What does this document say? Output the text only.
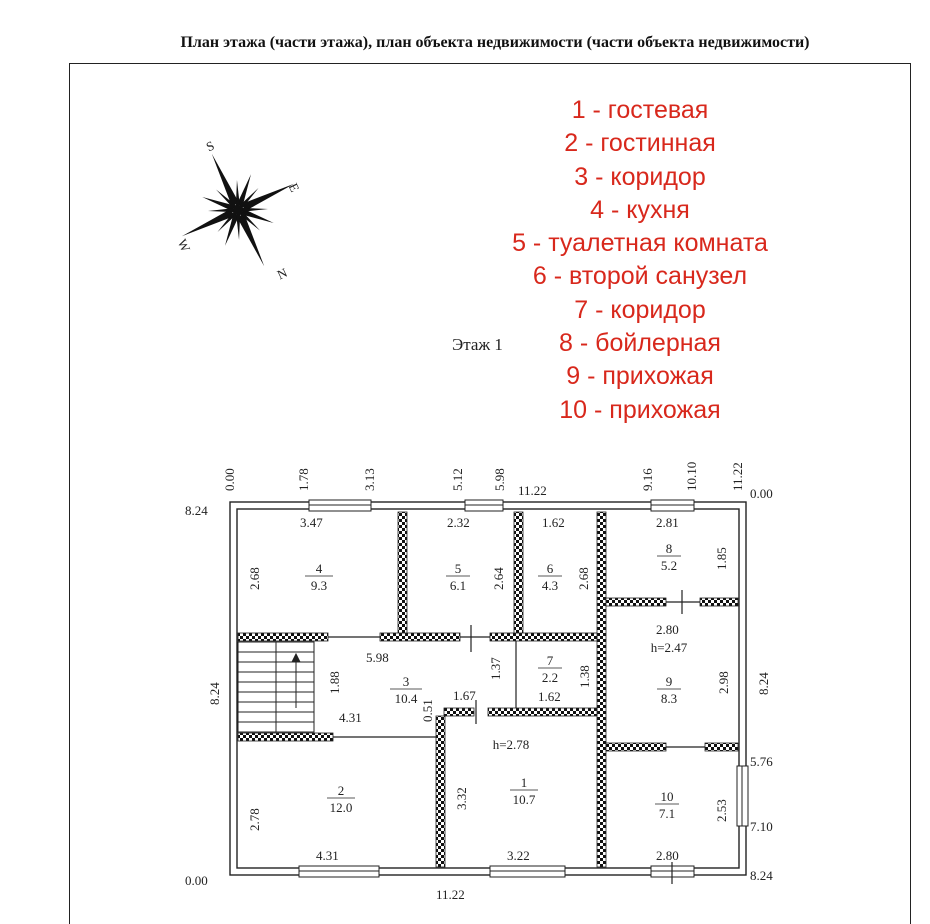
План этажа (части этажа), план объекта недвижимости (части объекта недвижимости)
1 - гостевая
2 - гостинная
3 - коридор
4 - кухня
5 - туалетная комната
6 - второй санузел
7 - коридор
8 - бойлерная
9 - прихожая
10 - прихожая
Этаж 1
S
E
W
N
4
9.3
5
6.1
6
4.3
8
5.2
3
10.4
7
2.2	9
8.3
2
12.0
1
10.7	10
7.1
h=2.47
h=2.78
0.00	1.78	3.13	5.12 5.98	9.16 10.10 11.22
11.22	0.00
8.24
0.00	8.24
5.76
7.10
11.22
8.24	8.24
3.47
2.68
2.32
2.64
1.62
2.68
2.81
1.85
5.98
1.88
4.31	0.51
1.67
1.37
1.62
1.38
2.80
2.98
2.78
4.31
3.32
3.22
2.53
2.80
